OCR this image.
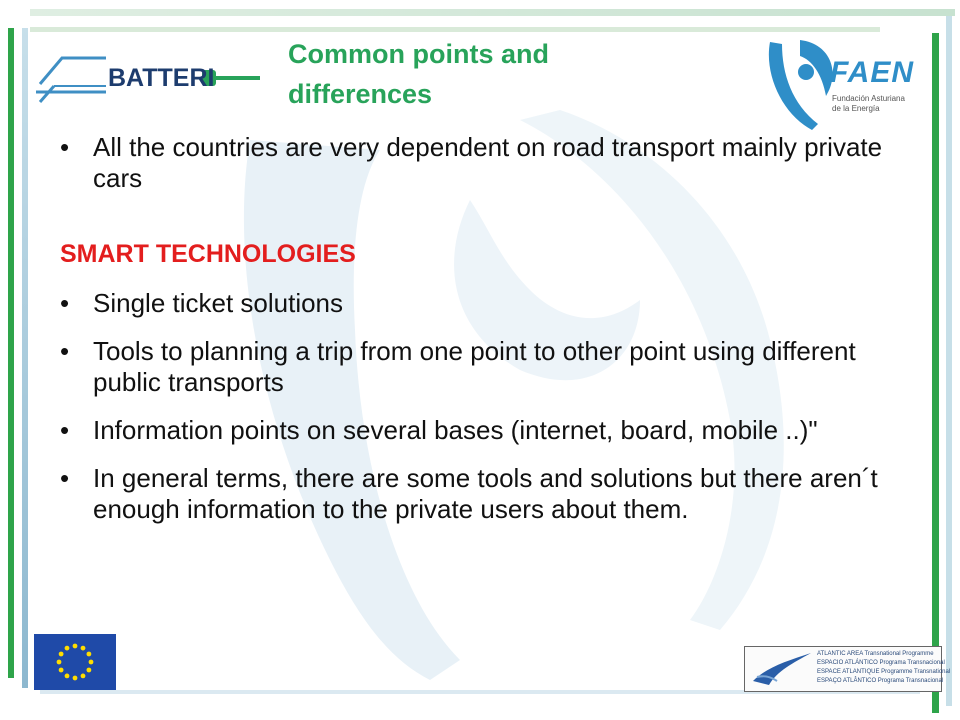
BATTERI
Common points and differences
FAEN
Fundación Asturiana
de la Energía

• All the countries are very dependent on road transport mainly private cars

SMART TECHNOLOGIES

• Single ticket solutions

• Tools to planning a trip from one point to other point using different public transports

• Information points on several bases (internet, board, mobile ..)"

• In general terms, there are some tools and solutions but there aren´t enough information to the private users about them.

ATLANTIC AREA Transnational Programme
ESPACIO ATLÁNTICO Programa Transnacional
ESPACE ATLANTIQUE Programme Transnational
ESPAÇO ATLÂNTICO Programa Transnacional
